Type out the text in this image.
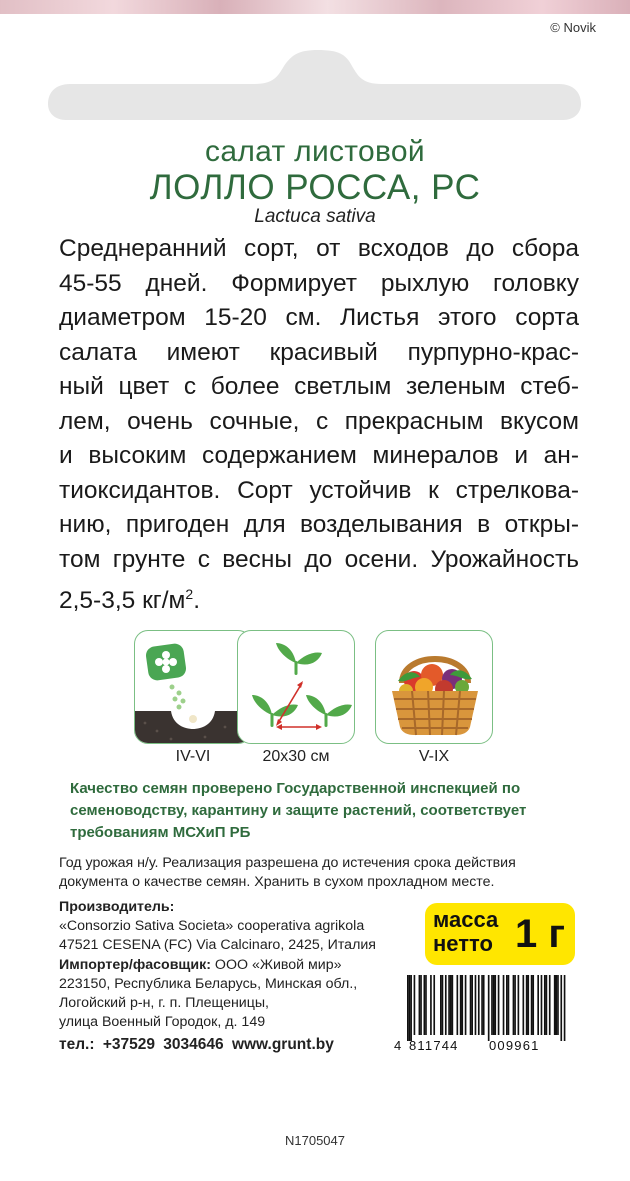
© Novik
салат листовой
ЛОЛЛО РОССА, РС
Lactuca sativa
Среднеранний сорт, от всходов до сбора
45-55 дней. Формирует рыхлую головку
диаметром 15-20 см. Листья этого сорта
салата имеют красивый пурпурно-крас-
ный цвет с более светлым зеленым стеб-
лем, очень сочные, с прекрасным вкусом
и высоким содержанием минералов и ан-
тиоксидантов. Сорт устойчив к стрелкова-
нию, пригоден для возделывания в откры-
том грунте с весны до осени. Урожайность
2,5-3,5 $кг/м^2$.
IV-VI	20x30 см	V-IX
Качество семян проверено Государственной инспекцией по семеноводству, карантину и защите растений, соответствует требованиям МСХиП РБ
Год урожая н/у. Реализация разрешена до истечения срока действия документа о качестве семян. Хранить в сухом прохладном месте.
Производитель:
«Consorzio Sativa Societa» cooperativa agrikola
47521 CESENA (FC) Via Calcinaro, 2425, Италия
Импортер/фасовщик: ООО «Живой мир»
223150, Республика Беларусь, Минская обл.,
Логойский р-н, г. п. Плещеницы,
улица Военный Городок, д. 149
масса
нетто 1 г
4 811744 009961
тел.: +37529 3034646 www.grunt.by
N1705047
